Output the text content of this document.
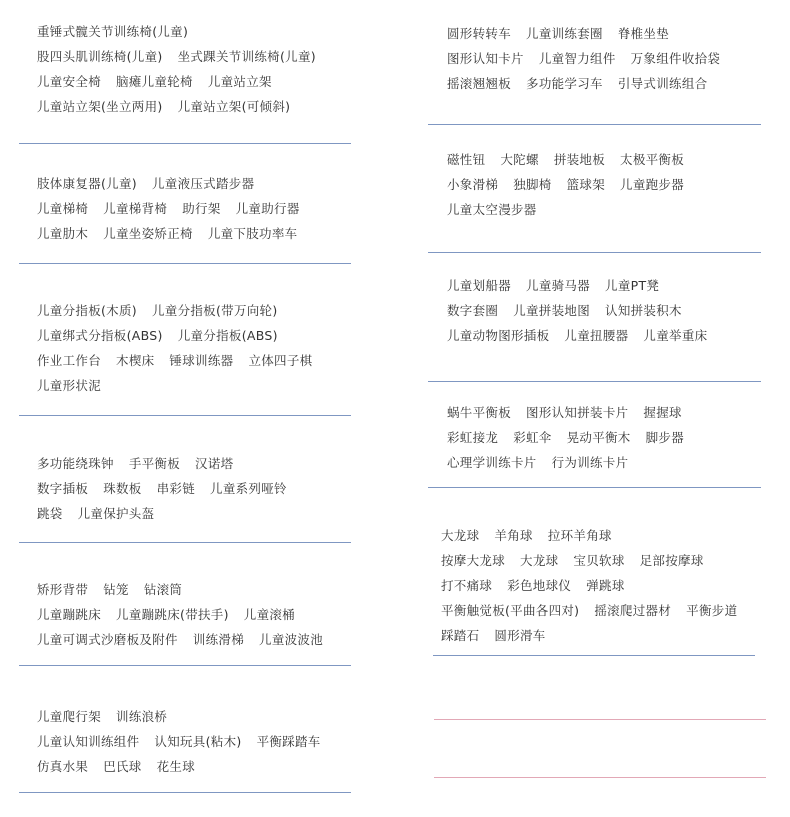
重锤式髋关节训练椅(儿童)
股四头肌训练椅(儿童) 坐式踝关节训练椅(儿童)
儿童安全椅 脑瘫儿童轮椅 儿童站立架
儿童站立架(坐立两用) 儿童站立架(可倾斜)
肢体康复器(儿童) 儿童液压式踏步器
儿童梯椅 儿童梯背椅 助行架 儿童助行器
儿童肋木 儿童坐姿矫正椅 儿童下肢功率车
儿童分指板(木质) 儿童分指板(带万向轮)
儿童绑式分指板(ABS) 儿童分指板(ABS)
作业工作台 木楔床 锤球训练器 立体四子棋
儿童形状泥
多功能绕珠钟 手平衡板 汉诺塔
数字插板 珠数板 串彩链 儿童系列哑铃
跳袋 儿童保护头盔
矫形背带 钻笼 钻滚筒
儿童蹦跳床 儿童蹦跳床(带扶手) 儿童滚桶
儿童可调式沙磨板及附件 训练滑梯 儿童波波池
儿童爬行架 训练浪桥
儿童认知训练组件 认知玩具(粘木) 平衡踩踏车
仿真水果 巴氏球 花生球
圆形转转车 儿童训练套圈 脊椎坐垫
图形认知卡片 儿童智力组件 万象组件收拾袋
摇滚翘翘板 多功能学习车 引导式训练组合
磁性钮 大陀螺 拼装地板 太极平衡板
小象滑梯 独脚椅 篮球架 儿童跑步器
儿童太空漫步器
儿童划船器 儿童骑马器 儿童PT凳
数字套圈 儿童拼装地图 认知拼装积木
儿童动物图形插板 儿童扭腰器 儿童举重床
蜗牛平衡板 图形认知拼装卡片 握握球
彩虹接龙 彩虹伞 晃动平衡木 脚步器
心理学训练卡片 行为训练卡片
大龙球 羊角球 拉环羊角球
按摩大龙球 大龙球 宝贝软球 足部按摩球
打不痛球 彩色地球仪 弹跳球
平衡触觉板(平曲各四对) 摇滚爬过器材 平衡步道
踩踏石 圆形滑车
